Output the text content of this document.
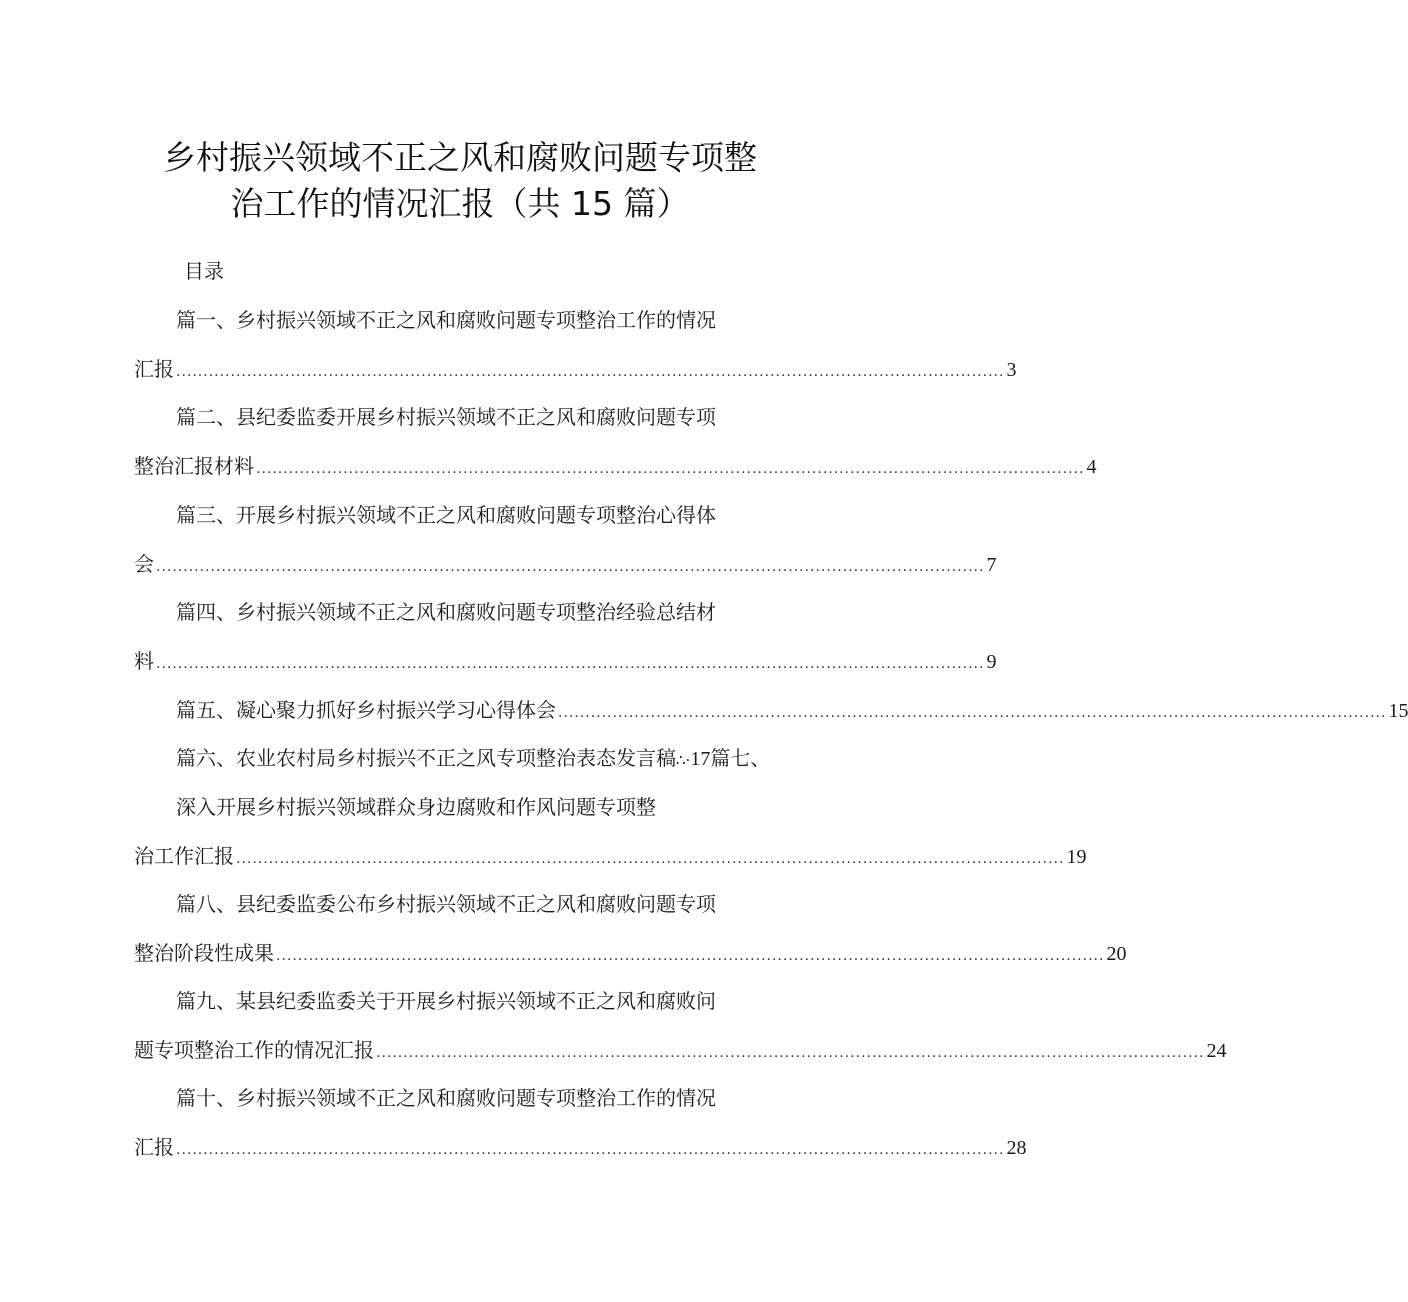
乡村振兴领域不正之风和腐败问题专项整
治工作的情况汇报（共 15 篇）
目录
篇一、乡村振兴领域不正之风和腐败问题专项整治工作的情况
汇报 ........................................................................................................................................................ 3
篇二、县纪委监委开展乡村振兴领域不正之风和腐败问题专项
整治汇报材料 ........................................................................................................................................................ 4
篇三、开展乡村振兴领域不正之风和腐败问题专项整治心得体
会 ........................................................................................................................................................ 7
篇四、乡村振兴领域不正之风和腐败问题专项整治经验总结材
料 ........................................................................................................................................................ 9
篇五、凝心聚力抓好乡村振兴学习心得体会 ........................................................................................................................................................ 15
篇六、农业农村局乡村振兴不正之风专项整治表态发言稿∴·17篇七、
深入开展乡村振兴领域群众身边腐败和作风问题专项整
治工作汇报 ........................................................................................................................................................ 19
篇八、县纪委监委公布乡村振兴领域不正之风和腐败问题专项
整治阶段性成果 ........................................................................................................................................................ 20
篇九、某县纪委监委关于开展乡村振兴领域不正之风和腐败问
题专项整治工作的情况汇报 ........................................................................................................................................................ 24
篇十、乡村振兴领域不正之风和腐败问题专项整治工作的情况
汇报 ........................................................................................................................................................ 28
